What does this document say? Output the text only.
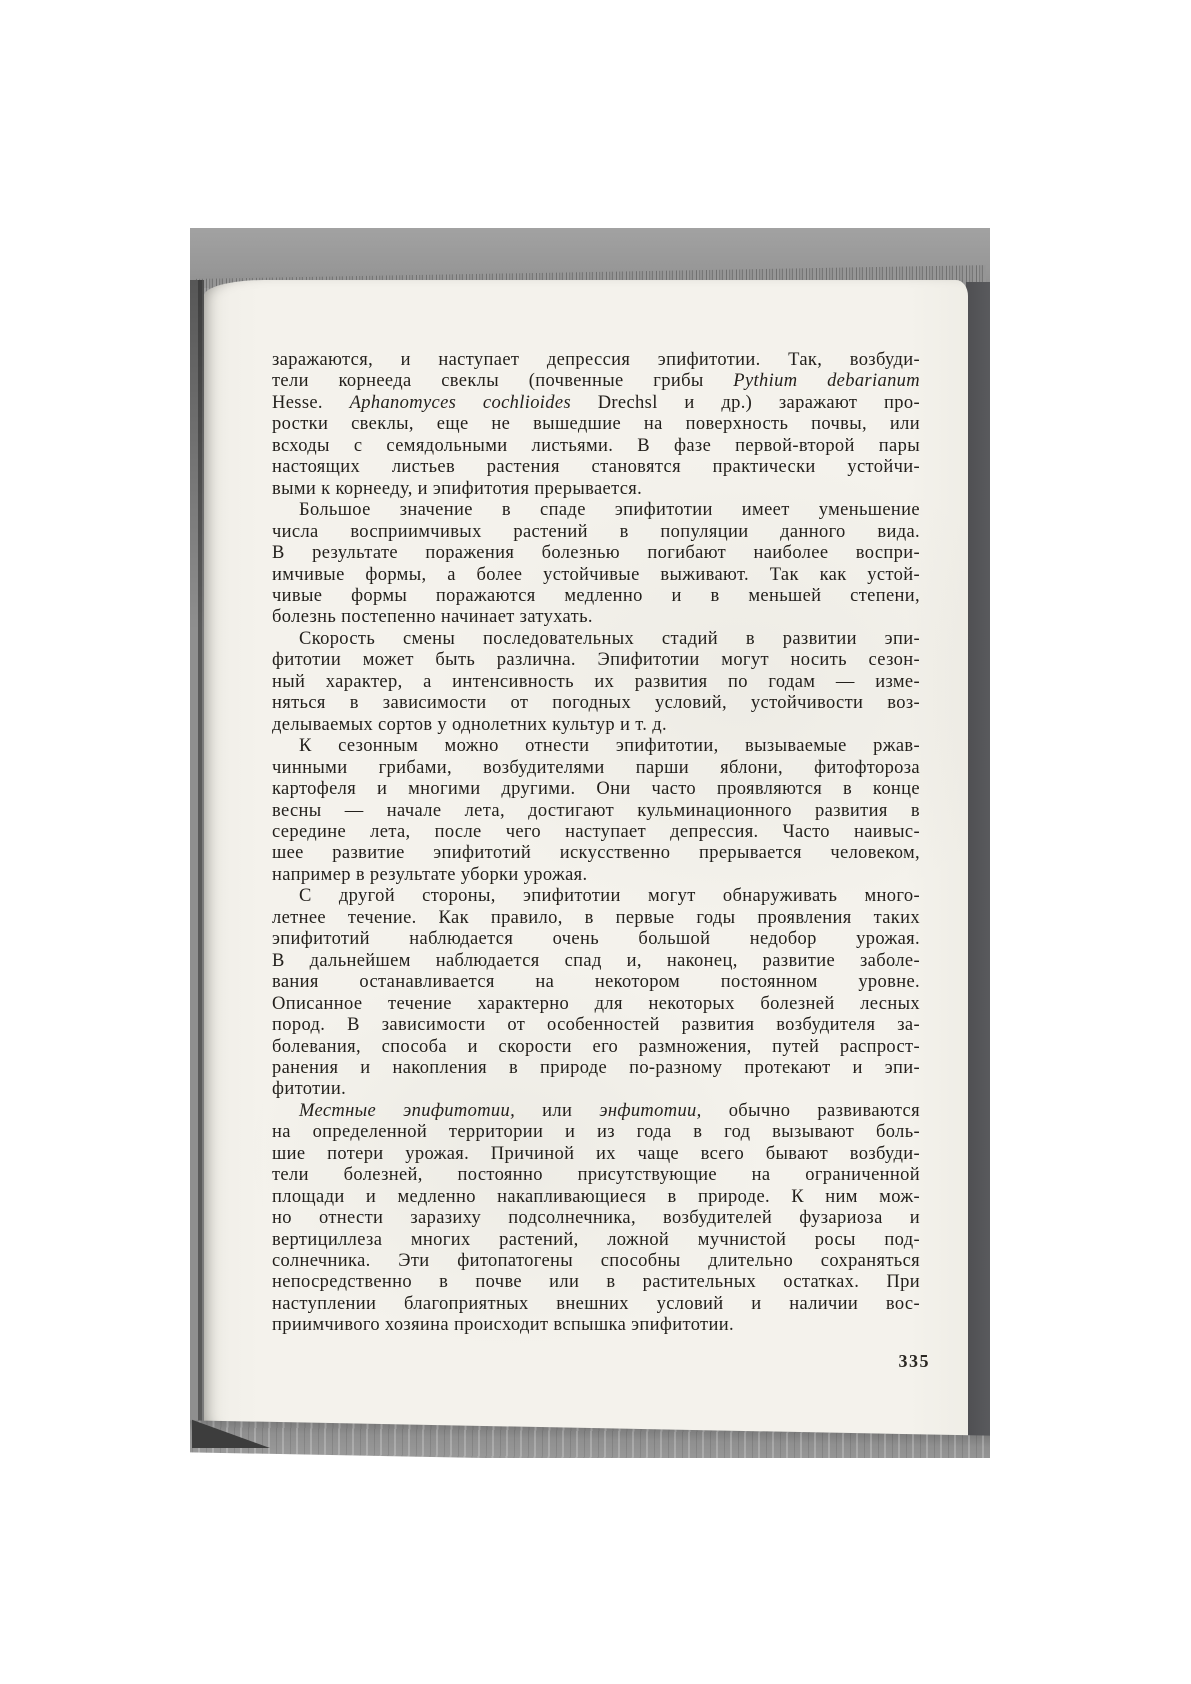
заражаются, и наступает депрессия эпифитотии. Так, возбуди-
тели корнееда свеклы (почвенные грибы Pythium debarianum
Hesse. Aphanomyces cochlioides Drechsl и др.) заражают про-
ростки свеклы, еще не вышедшие на поверхность почвы, или
всходы с семядольными листьями. В фазе первой-второй пары
настоящих листьев растения становятся практически устойчи-
выми к корнееду, и эпифитотия прерывается.
Большое значение в спаде эпифитотии имеет уменьшение
числа восприимчивых растений в популяции данного вида.
В результате поражения болезнью погибают наиболее воспри-
имчивые формы, а более устойчивые выживают. Так как устой-
чивые формы поражаются медленно и в меньшей степени,
болезнь постепенно начинает затухать.
Скорость смены последовательных стадий в развитии эпи-
фитотии может быть различна. Эпифитотии могут носить сезон-
ный характер, а интенсивность их развития по годам — изме-
няться в зависимости от погодных условий, устойчивости воз-
делываемых сортов у однолетних культур и т. д.
К сезонным можно отнести эпифитотии, вызываемые ржав-
чинными грибами, возбудителями парши яблони, фитофтороза
картофеля и многими другими. Они часто проявляются в конце
весны — начале лета, достигают кульминационного развития в
середине лета, после чего наступает депрессия. Часто наивыс-
шее развитие эпифитотий искусственно прерывается человеком,
например в результате уборки урожая.
С другой стороны, эпифитотии могут обнаруживать много-
летнее течение. Как правило, в первые годы проявления таких
эпифитотий наблюдается очень большой недобор урожая.
В дальнейшем наблюдается спад и, наконец, развитие заболе-
вания останавливается на некотором постоянном уровне.
Описанное течение характерно для некоторых болезней лесных
пород. В зависимости от особенностей развития возбудителя за-
болевания, способа и скорости его размножения, путей распрост-
ранения и накопления в природе по-разному протекают и эпи-
фитотии.
Местные эпифитотии, или энфитотии, обычно развиваются
на определенной территории и из года в год вызывают боль-
шие потери урожая. Причиной их чаще всего бывают возбуди-
тели болезней, постоянно присутствующие на ограниченной
площади и медленно накапливающиеся в природе. К ним мож-
но отнести заразиху подсолнечника, возбудителей фузариоза и
вертициллеза многих растений, ложной мучнистой росы под-
солнечника. Эти фитопатогены способны длительно сохраняться
непосредственно в почве или в растительных остатках. При
наступлении благоприятных внешних условий и наличии вос-
приимчивого хозяина происходит вспышка эпифитотии.
335
